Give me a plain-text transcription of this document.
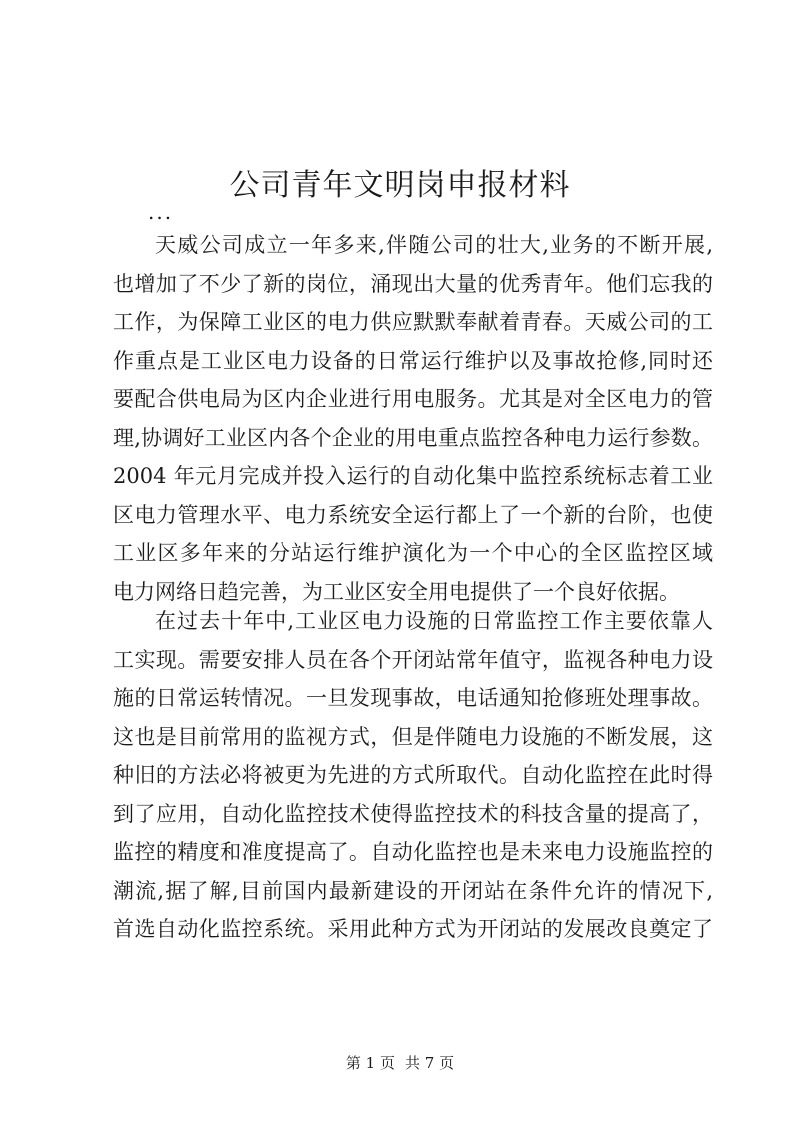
公司青年文明岗申报材料
...
天威公司成立一年多来,伴随公司的壮大,业务的不断开展,
也增加了不少了新的岗位，涌现出大量的优秀青年。他们忘我的
工作，为保障工业区的电力供应默默奉献着青春。天威公司的工
作重点是工业区电力设备的日常运行维护以及事故抢修,同时还
要配合供电局为区内企业进行用电服务。尤其是对全区电力的管
理,协调好工业区内各个企业的用电重点监控各种电力运行参数。
2004 年元月完成并投入运行的自动化集中监控系统标志着工业
区电力管理水平、电力系统安全运行都上了一个新的台阶，也使
工业区多年来的分站运行维护演化为一个中心的全区监控区域
电力网络日趋完善，为工业区安全用电提供了一个良好依据。
在过去十年中,工业区电力设施的日常监控工作主要依靠人
工实现。需要安排人员在各个开闭站常年值守，监视各种电力设
施的日常运转情况。一旦发现事故，电话通知抢修班处理事故。
这也是目前常用的监视方式，但是伴随电力设施的不断发展，这
种旧的方法必将被更为先进的方式所取代。自动化监控在此时得
到了应用，自动化监控技术使得监控技术的科技含量的提高了，
监控的精度和准度提高了。自动化监控也是未来电力设施监控的
潮流,据了解,目前国内最新建设的开闭站在条件允许的情况下,
首选自动化监控系统。采用此种方式为开闭站的发展改良奠定了
第 1 页 共 7 页
